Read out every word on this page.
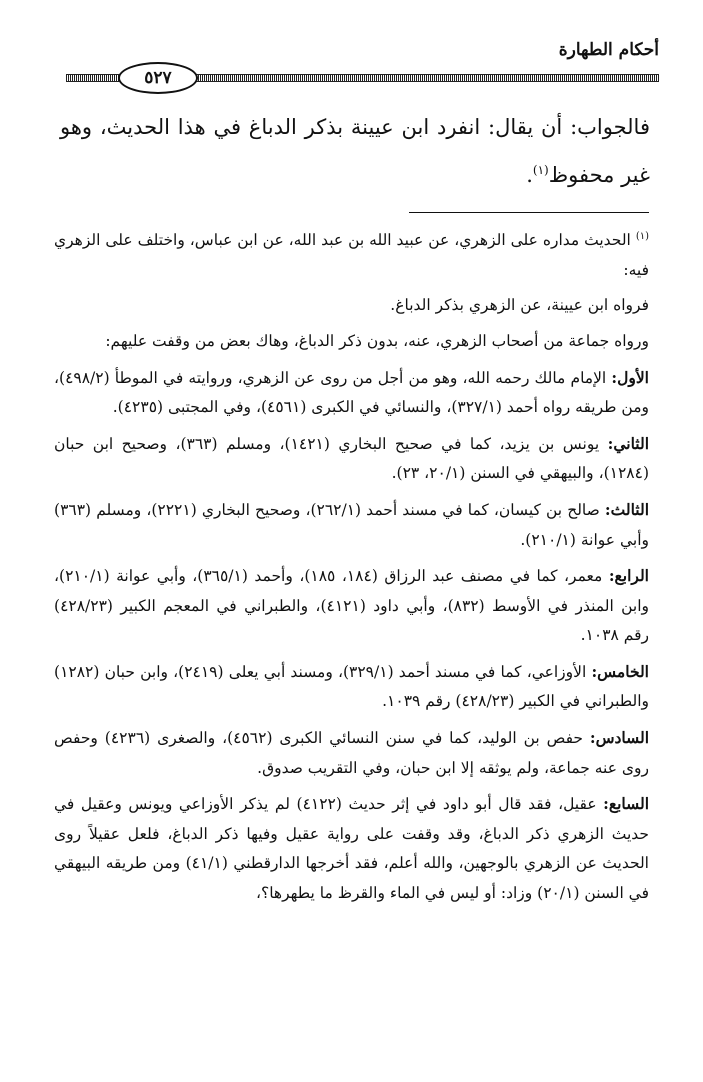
أحكام الطهارة
٥٢٧

فالجواب: أن يقال: انفرد ابن عيينة بذكر الدباغ في هذا الحديث، وهو غير محفوظ$^{(١)}$.

$^{(١)}$ الحديث مداره على الزهري، عن عبيد الله بن عبد الله، عن ابن عباس، واختلف على الزهري فيه:

فرواه ابن عيينة، عن الزهري بذكر الدباغ.

ورواه جماعة من أصحاب الزهري، عنه، بدون ذكر الدباغ، وهاك بعض من وقفت عليهم:

الأول: الإمام مالك رحمه الله، وهو من أجل من روى عن الزهري، وروايته في الموطأ (٤٩٨/٢)، ومن طريقه رواه أحمد (٣٢٧/١)، والنسائي في الكبرى (٤٥٦١)، وفي المجتبى (٤٢٣٥).

الثاني: يونس بن يزيد، كما في صحيح البخاري (١٤٢١)، ومسلم (٣٦٣)، وصحيح ابن حبان (١٢٨٤)، والبيهقي في السنن (٢٠/١، ٢٣).

الثالث: صالح بن كيسان، كما في مسند أحمد (٢٦٢/١)، وصحيح البخاري (٢٢٢١)، ومسلم (٣٦٣) وأبي عوانة (٢١٠/١).

الرابع: معمر، كما في مصنف عبد الرزاق (١٨٤، ١٨٥)، وأحمد (٣٦٥/١)، وأبي عوانة (٢١٠/١)، وابن المنذر في الأوسط (٨٣٢)، وأبي داود (٤١٢١)، والطبراني في المعجم الكبير (٤٢٨/٢٣) رقم ١٠٣٨.

الخامس: الأوزاعي، كما في مسند أحمد (٣٢٩/١)، ومسند أبي يعلى (٢٤١٩)، وابن حبان (١٢٨٢) والطبراني في الكبير (٤٢٨/٢٣) رقم ١٠٣٩.

السادس: حفص بن الوليد، كما في سنن النسائي الكبرى (٤٥٦٢)، والصغرى (٤٢٣٦) وحفص روى عنه جماعة، ولم يوثقه إلا ابن حبان، وفي التقريب صدوق.

السابع: عقيل، فقد قال أبو داود في إثر حديث (٤١٢٢) لم يذكر الأوزاعي ويونس وعقيل في حديث الزهري ذكر الدباغ، وقد وقفت على رواية عقيل وفيها ذكر الدباغ، فلعل عقيلاً روى الحديث عن الزهري بالوجهين، والله أعلم، فقد أخرجها الدارقطني (٤١/١) ومن طريقه البيهقي في السنن (٢٠/١) وزاد: أو ليس في الماء والقرظ ما يطهرها؟،
